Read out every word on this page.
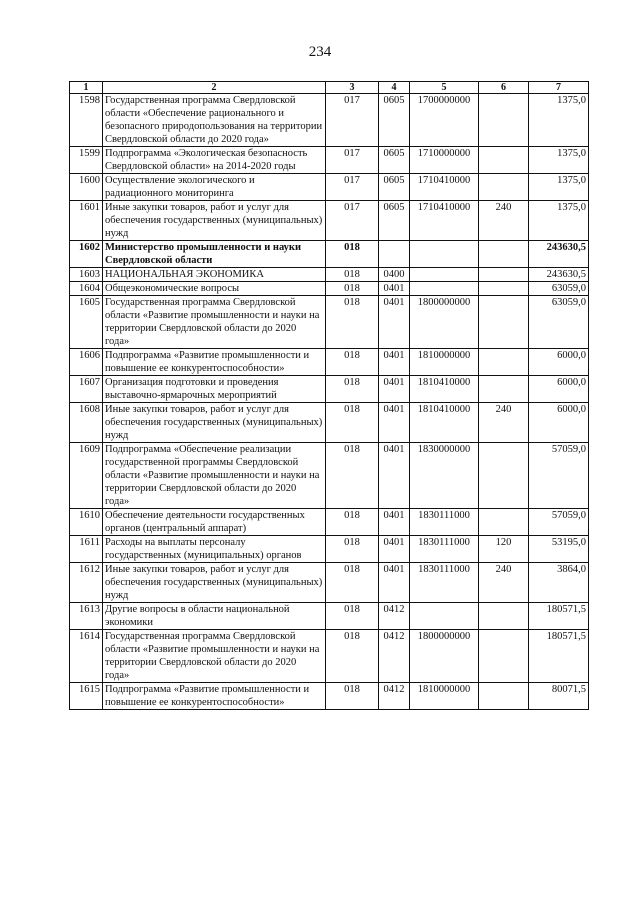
234
1	2	3	4	5	6	7
1598	Государственная программа Свердловской области «Обеспечение рационального и безопасного природопользования на территории Свердловской области до 2020 года»	017	0605	1700000000		1375,0
1599	Подпрограмма «Экологическая безопасность Свердловской области» на 2014-2020 годы	017	0605	1710000000		1375,0
1600	Осуществление экологического и радиационного мониторинга	017	0605	1710410000		1375,0
1601	Иные закупки товаров, работ и услуг для обеспечения государственных (муниципальных) нужд	017	0605	1710410000	240	1375,0
1602	Министерство промышленности и науки Свердловской области	018				243630,5
1603	НАЦИОНАЛЬНАЯ ЭКОНОМИКА	018	0400			243630,5
1604	Общеэкономические вопросы	018	0401			63059,0
1605	Государственная программа Свердловской области «Развитие промышленности и науки на территории Свердловской области до 2020 года»	018	0401	1800000000		63059,0
1606	Подпрограмма «Развитие промышленности и повышение ее конкурентоспособности»	018	0401	1810000000		6000,0
1607	Организация подготовки и проведения выставочно-ярмарочных мероприятий	018	0401	1810410000		6000,0
1608	Иные закупки товаров, работ и услуг для обеспечения государственных (муниципальных) нужд	018	0401	1810410000	240	6000,0
1609	Подпрограмма «Обеспечение реализации государственной программы Свердловской области «Развитие промышленности и науки на территории Свердловской области до 2020 года»	018	0401	1830000000		57059,0
1610	Обеспечение деятельности государственных органов (центральный аппарат)	018	0401	1830111000		57059,0
1611	Расходы на выплаты персоналу государственных (муниципальных) органов	018	0401	1830111000	120	53195,0
1612	Иные закупки товаров, работ и услуг для обеспечения государственных (муниципальных) нужд	018	0401	1830111000	240	3864,0
1613	Другие вопросы в области национальной экономики	018	0412			180571,5
1614	Государственная программа Свердловской области «Развитие промышленности и науки на территории Свердловской области до 2020 года»	018	0412	1800000000		180571,5
1615	Подпрограмма «Развитие промышленности и повышение ее конкурентоспособности»	018	0412	1810000000		80071,5
